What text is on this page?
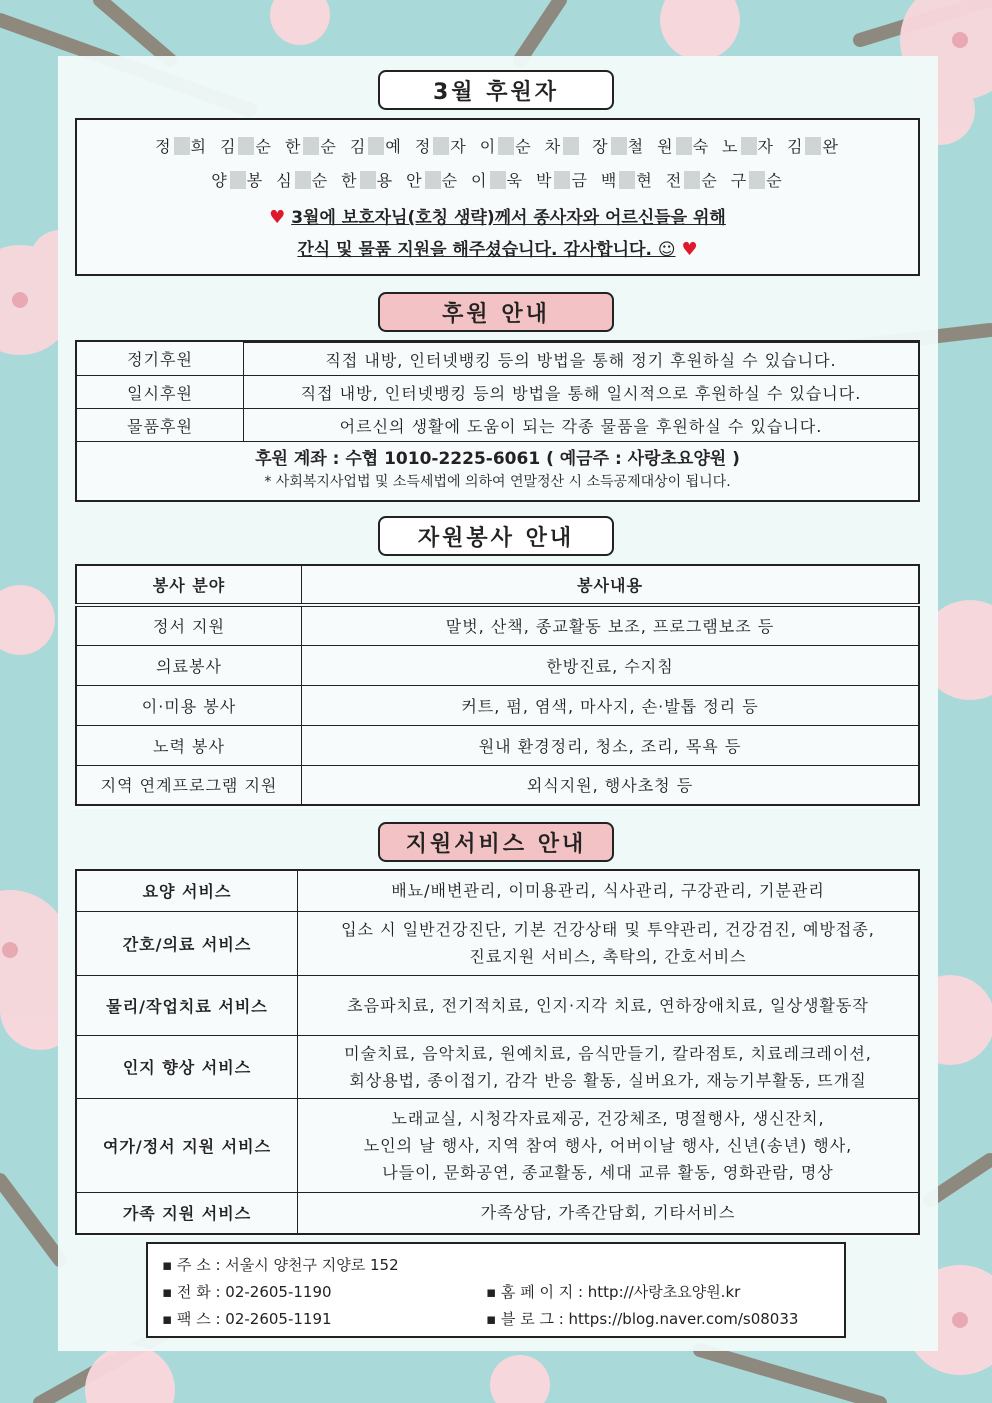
3월 후원자
정 희 김 순 한 순 김 예 정 자 이 순 차 장 철 원 숙 노 자 김 완
양 봉 심 순 한 용 안 순 이 욱 박 금 백 현 전 순 구 순
♥ 3월에 보호자님(호칭 생략)께서 종사자와 어르신들을 위해
간식 및 물품 지원을 해주셨습니다. 감사합니다. ☺ ♥
후원 안내
정기후원	직접 내방, 인터넷뱅킹 등의 방법을 통해 정기 후원하실 수 있습니다.
일시후원	직접 내방, 인터넷뱅킹 등의 방법을 통해 일시적으로 후원하실 수 있습니다.
물품후원	어르신의 생활에 도움이 되는 각종 물품을 후원하실 수 있습니다.
후원 계좌 : 수협 1010-2225-6061 ( 예금주 : 사랑초요양원 )
* 사회복지사업법 및 소득세법에 의하여 연말정산 시 소득공제대상이 됩니다.
자원봉사 안내
봉사 분야	봉사내용
정서 지원	말벗, 산책, 종교활동 보조, 프로그램보조 등
의료봉사	한방진료, 수지침
이·미용 봉사	커트, 펌, 염색, 마사지, 손·발톱 정리 등
노력 봉사	원내 환경정리, 청소, 조리, 목욕 등
지역 연계프로그램 지원	외식지원, 행사초청 등
지원서비스 안내
요양 서비스	배뇨/배변관리, 이미용관리, 식사관리, 구강관리, 기분관리

간호/의료 서비스	입소 시 일반건강진단, 기본 건강상태 및 투약관리, 건강검진, 예방접종,
진료지원 서비스, 촉탁의, 간호서비스

물리/작업치료 서비스	초음파치료, 전기적치료, 인지·지각 치료, 연하장애치료, 일상생활동작

인지 향상 서비스	미술치료, 음악치료, 원예치료, 음식만들기, 칼라점토, 치료레크레이션,
회상용법, 종이접기, 감각 반응 활동, 실버요가, 재능기부활동, 뜨개질

여가/정서 지원 서비스	노래교실, 시청각자료제공, 건강체조, 명절행사, 생신잔치,
노인의 날 행사, 지역 참여 행사, 어버이날 행사, 신년(송년) 행사,
나들이, 문화공연, 종교활동, 세대 교류 활동, 영화관람, 명상

가족 지원 서비스	가족상담, 가족간담회, 기타서비스
▪ 주 소 : 서울시 양천구 지양로 152
▪ 전 화 : 02-2605-1190
▪ 팩 스 : 02-2605-1191
▪ 홈 페 이 지 : http://사랑초요양원.kr
▪ 블 로 그 : https://blog.naver.com/s08033
